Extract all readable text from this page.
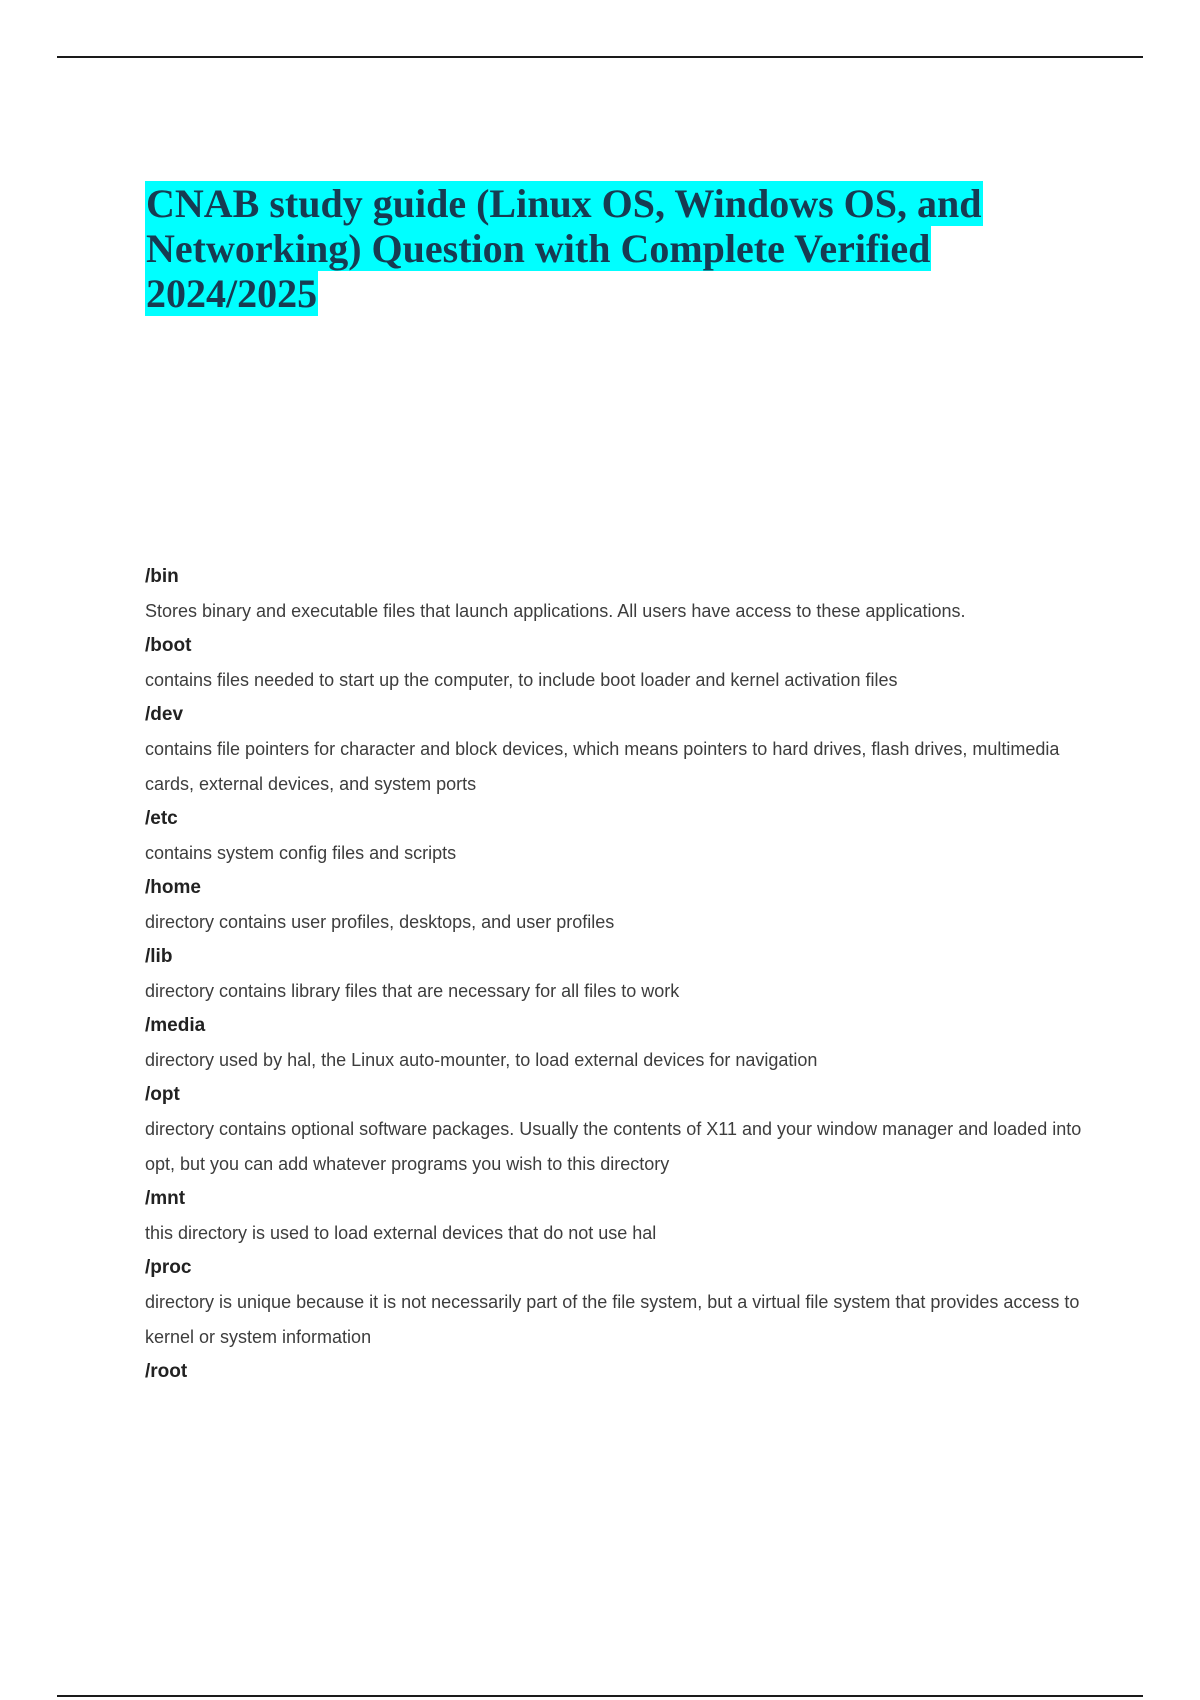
CNAB study guide (Linux OS, Windows OS, and
Networking) Question with Complete Verified
2024/2025
/bin
Stores binary and executable files that launch applications. All users have access to these applications.
/boot
contains files needed to start up the computer, to include boot loader and kernel activation files
/dev
contains file pointers for character and block devices, which means pointers to hard drives, flash drives, multimedia cards, external devices, and system ports
/etc
contains system config files and scripts
/home
directory contains user profiles, desktops, and user profiles
/lib
directory contains library files that are necessary for all files to work
/media
directory used by hal, the Linux auto-mounter, to load external devices for navigation
/opt
directory contains optional software packages. Usually the contents of X11 and your window manager and loaded into opt, but you can add whatever programs you wish to this directory
/mnt
this directory is used to load external devices that do not use hal
/proc
directory is unique because it is not necessarily part of the file system, but a virtual file system that provides access to kernel or system information
/root
